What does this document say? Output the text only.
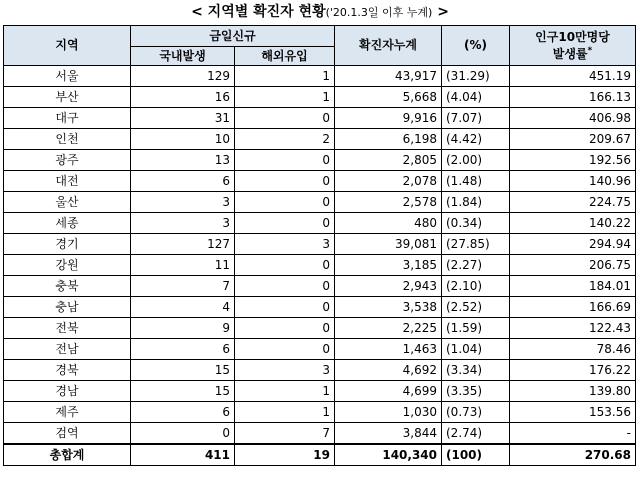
< 지역별 확진자 현황('20.1.3일 이후 누계) >
지역	금일신규		확진자누계	(%)	인구10만명당
발생률*

	국내발생	해외유입			
서울	129	1	43,917	(31.29)	451.19
부산	16	1	5,668	(4.04)	166.13
대구	31	0	9,916	(7.07)	406.98
인천	10	2	6,198	(4.42)	209.67
광주	13	0	2,805	(2.00)	192.56
대전	6	0	2,078	(1.48)	140.96
울산	3	0	2,578	(1.84)	224.75
세종	3	0	480	(0.34)	140.22
경기	127	3	39,081	(27.85)	294.94
강원	11	0	3,185	(2.27)	206.75
충북	7	0	2,943	(2.10)	184.01
충남	4	0	3,538	(2.52)	166.69
전북	9	0	2,225	(1.59)	122.43
전남	6	0	1,463	(1.04)	78.46
경북	15	3	4,692	(3.34)	176.22
경남	15	1	4,699	(3.35)	139.80
제주	6	1	1,030	(0.73)	153.56
검역	0	7	3,844	(2.74)	-
총합계	411	19	140,340	(100)	270.68
